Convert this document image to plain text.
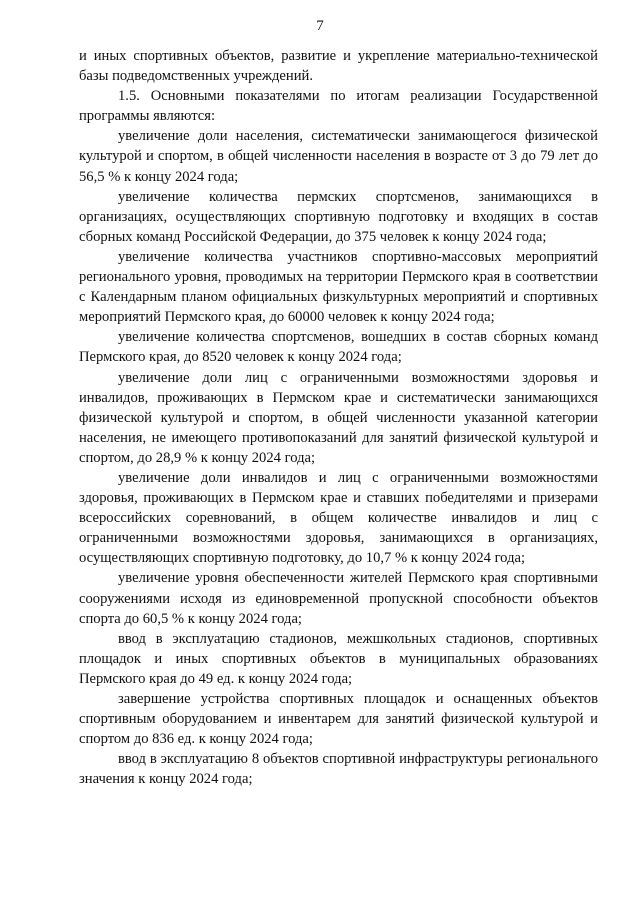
7

и иных спортивных объектов, развитие и укрепление материально-технической базы подведомственных учреждений.

1.5. Основными показателями по итогам реализации Государственной программы являются:

увеличение доли населения, систематически занимающегося физической культурой и спортом, в общей численности населения в возрасте от 3 до 79 лет до 56,5 % к концу 2024 года;

увеличение количества пермских спортсменов, занимающихся в организациях, осуществляющих спортивную подготовку и входящих в состав сборных команд Российской Федерации, до 375 человек к концу 2024 года;

увеличение количества участников спортивно-массовых мероприятий регионального уровня, проводимых на территории Пермского края в соответствии с Календарным планом официальных физкультурных мероприятий и спортивных мероприятий Пермского края, до 60000 человек к концу 2024 года;

увеличение количества спортсменов, вошедших в состав сборных команд Пермского края, до 8520 человек к концу 2024 года;

увеличение доли лиц с ограниченными возможностями здоровья и инвалидов, проживающих в Пермском крае и систематически занимающихся физической культурой и спортом, в общей численности указанной категории населения, не имеющего противопоказаний для занятий физической культурой и спортом, до 28,9 % к концу 2024 года;

увеличение доли инвалидов и лиц с ограниченными возможностями здоровья, проживающих в Пермском крае и ставших победителями и призерами всероссийских соревнований, в общем количестве инвалидов и лиц с ограниченными возможностями здоровья, занимающихся в организациях, осуществляющих спортивную подготовку, до 10,7 % к концу 2024 года;

увеличение уровня обеспеченности жителей Пермского края спортивными сооружениями исходя из единовременной пропускной способности объектов спорта до 60,5 % к концу 2024 года;

ввод в эксплуатацию стадионов, межшкольных стадионов, спортивных площадок и иных спортивных объектов в муниципальных образованиях Пермского края до 49 ед. к концу 2024 года;

завершение устройства спортивных площадок и оснащенных объектов спортивным оборудованием и инвентарем для занятий физической культурой и спортом до 836 ед. к концу 2024 года;

ввод в эксплуатацию 8 объектов спортивной инфраструктуры регионального значения к концу 2024 года;
